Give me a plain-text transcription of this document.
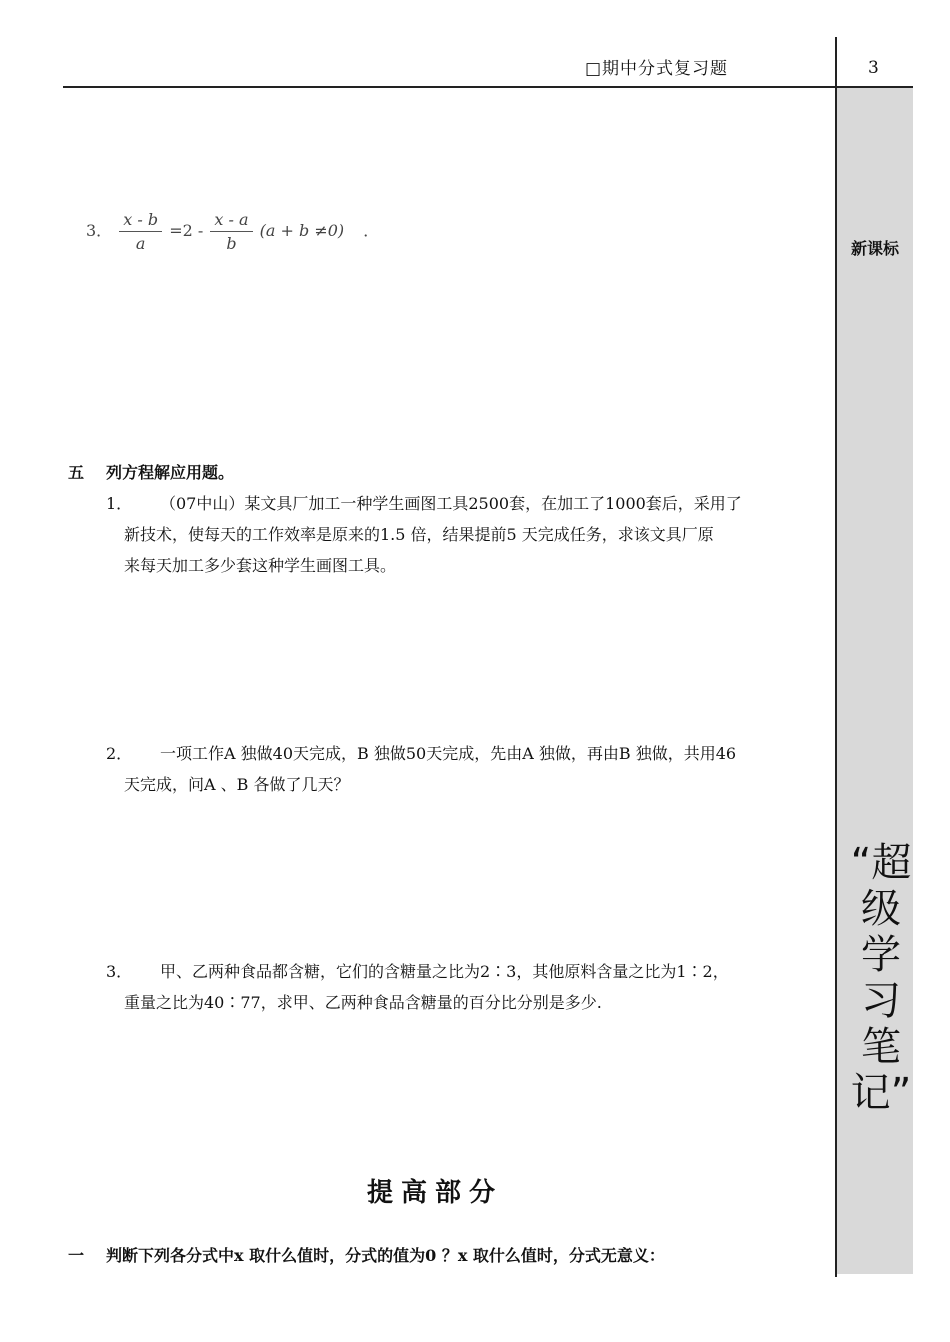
□期中分式复习题	3
新课标
“超级学习笔记”
3． $\frac{x - b}{a} =2 - \frac{x - a}{b} (a + b \ne 0)$ ．
五 列方程解应用题。
1． （07中山）某文具厂加工一种学生画图工具2500套，在加工了1000套后，采用了
新技术，使每天的工作效率是原来的1.5 倍，结果提前5 天完成任务，求该文具厂原
来每天加工多少套这种学生画图工具。
2． 一项工作A 独做40天完成，B 独做50天完成，先由A 独做，再由B 独做，共用46
天完成，问A 、B 各做了几天？
3． 甲、乙两种食品都含糖，它们的含糖量之比为2∶3，其他原料含量之比为1∶2，
重量之比为40∶77，求甲、乙两种食品含糖量的百分比分别是多少.
提高部分
一 判断下列各分式中x 取什么值时，分式的值为0 ？x 取什么值时，分式无意义：
